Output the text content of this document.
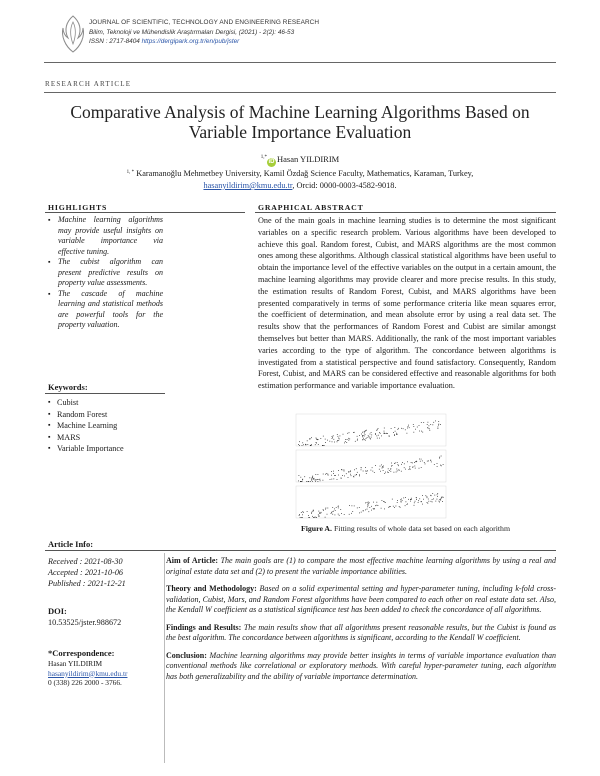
JOURNAL OF SCIENTIFIC, TECHNOLOGY AND ENGINEERING RESEARCH
Bilim, Teknoloji ve Mühendislik Araştırmaları Dergisi, (2021) - 2(2): 46-53
ISSN : 2717-8404 https://dergipark.org.tr/en/pub/jster
RESEARCH ARTICLE
Comparative Analysis of Machine Learning Algorithms Based on Variable Importance Evaluation
$^{1,*}$iD Hasan YILDIRIM
$^{1, *}$ Karamanoğlu Mehmetbey University, Kamil Özdağ Science Faculty, Mathematics, Karaman, Turkey,
hasanyildirim@kmu.edu.tr, Orcid: 0000-0003-4582-9018.
HIGHLIGHTS	GRAPHICAL ABSTRACT
▪ Machine learning algorithms may provide useful insights on variable importance via effective tuning.
▪ The cubist algorithm can present predictive results on property value assessments.
▪ The cascade of machine learning and statistical methods are powerful tools for the property valuation.
Keywords:
▪ Cubist
▪ Random Forest
▪ Machine Learning
▪ MARS
▪ Variable Importance
One of the main goals in machine learning studies is to determine the most significant variables on a specific research problem. Various algorithms have been developed to achieve this goal. Random forest, Cubist, and MARS algorithms are the most common ones among these algorithms. Although classical statistical algorithms have been useful to obtain the importance level of the effective variables on the output in a certain amount, the machine learning algorithms may provide clearer and more precise results. In this study, the estimation results of Random Forest, Cubist, and MARS algorithms have been presented comparatively in terms of some performance criteria like mean squares error, the coefficient of determination, and mean absolute error by using a real data set. The results show that the performances of Random Forest and Cubist are similar amongst themselves but better than MARS. Additionally, the rank of the most important variables varies according to the type of algorithm. The concordance between algorithms is investigated from a statistical perspective and found satisfactory. Consequently, Random Forest, Cubist, and MARS can be considered effective and reasonable algorithms for both estimation performance and variable importance evaluation.
Figure A. Fitting results of whole data set based on each algorithm
Article Info:
Received : 2021-08-30
Accepted : 2021-10-06
Published : 2021-12-21
DOI:
10.53525/jster.988672
*Correspondence:
Hasan YILDIRIM
hasanyildirim@kmu.edu.tr
0 (338) 226 2000 - 3766.
Aim of Article: The main goals are (1) to compare the most effective machine learning algorithms by using a real and original estate data set and (2) to present the variable importance abilities.
Theory and Methodology: Based on a solid experimental setting and hyper-parameter tuning, including k-fold cross-validation, Cubist, Mars, and Random Forest algorithms have been compared to each other on real estate data set. Also, the Kendall W coefficient as a statistical significance test has been added to check the concordance of all algorithms.
Findings and Results: The main results show that all algorithms present reasonable results, but the Cubist is found as the best algorithm. The concordance between algorithms is significant, according to the Kendall W coefficient.
Conclusion: Machine learning algorithms may provide better insights in terms of variable importance evaluation than conventional methods like correlational or exploratory methods. With careful hyper-parameter tuning, each algorithm has both generalizability and the ability of variable importance determination.
